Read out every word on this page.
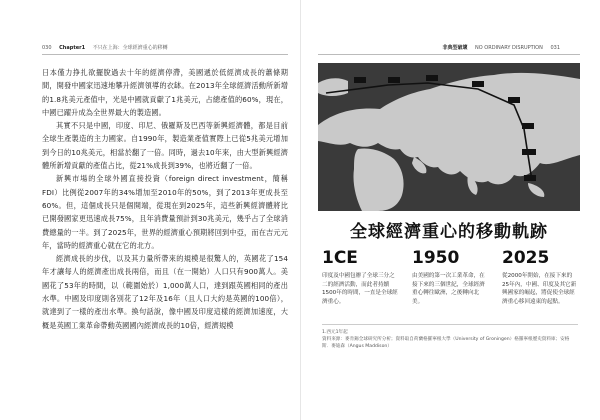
030 Chapter1 不只在上海：全球經濟重心的移轉	非典型破壞 NO ORDINARY DISRUPTION 031

日本僅力挣扎欲擺脫過去十年的經濟停滯，美國遞於低經濟成長的蕭條期間，開發中國家迅速地攀升經濟領導的衣缽。在2013年全球經濟活動所新增的1.8兆美元產值中，光是中國就貢獻了1兆美元，占總產值的60%，現在，中國已躍升成為全世界最大的製造國。

其實不只是中國，印度、印尼、俄羅斯及巴西等新興經濟體，都是目前全球生產製造的主力國家。自1990年，製造業產值實際上已從5兆美元增加到今日的10兆美元，相當於翻了一倍。同時，過去10年來，由大型新興經濟體所新增貢獻的產值占比，從21%成長到39%，也將近翻了一倍。

新興市場的全球外國直接投資（foreign direct investment，簡稱FDI）比例從2007年的34%增加至2010年的50%，到了2013年更成長至60%。但，這個成長只是個開端，從現在到2025年，這些新興經濟體將比已開發國家更迅速成長75%，且年消費量預計到30兆美元，幾乎占了全球消費總量的一半。到了2025年，世界的經濟重心預期將回到中亞，而在吉元元年，當時的經濟重心就在它的北方。

經濟成長的步伐，以及其力量所帶來的規模是很驚人的，英國花了154年才讓每人的經濟產出成長兩倍，而且（在一開始）人口只有900萬人。美國花了53年的時間，以（範圍始於）1,000萬人口，達到跟英國相同的產出水準。中國及印度則各別花了12年及16年（且人口大約是英國的100倍），就達到了一樣的產出水準。換句話說，像中國及印度這樣的經濟加速度，大概是英國工業革命帶動英國國內經濟成長的10倍，經濟規模

全球經濟重心的移動軌跡
1CE
印度及中國包辦了全球三分之二的經濟活動，而此者持續1500年的時間，一直是全球經濟重心。
1950
由美國的第一次工業革命，在接下來的三個世紀，全球經濟重心轉往歐洲，之後轉向北美。
2025
從2000年開始，在接下來的25年內，中國、印度及其它新興國家的崛起，將促使全球經濟重心移回遠東的起點。
1.西元1年起
資料來源：麥肯錫全球研究所分析；資料取自荷蘭格羅寧根大學（University of Groningen）格羅寧根歷史資料庫；安格斯．麥迪森（Angus Maddison）
